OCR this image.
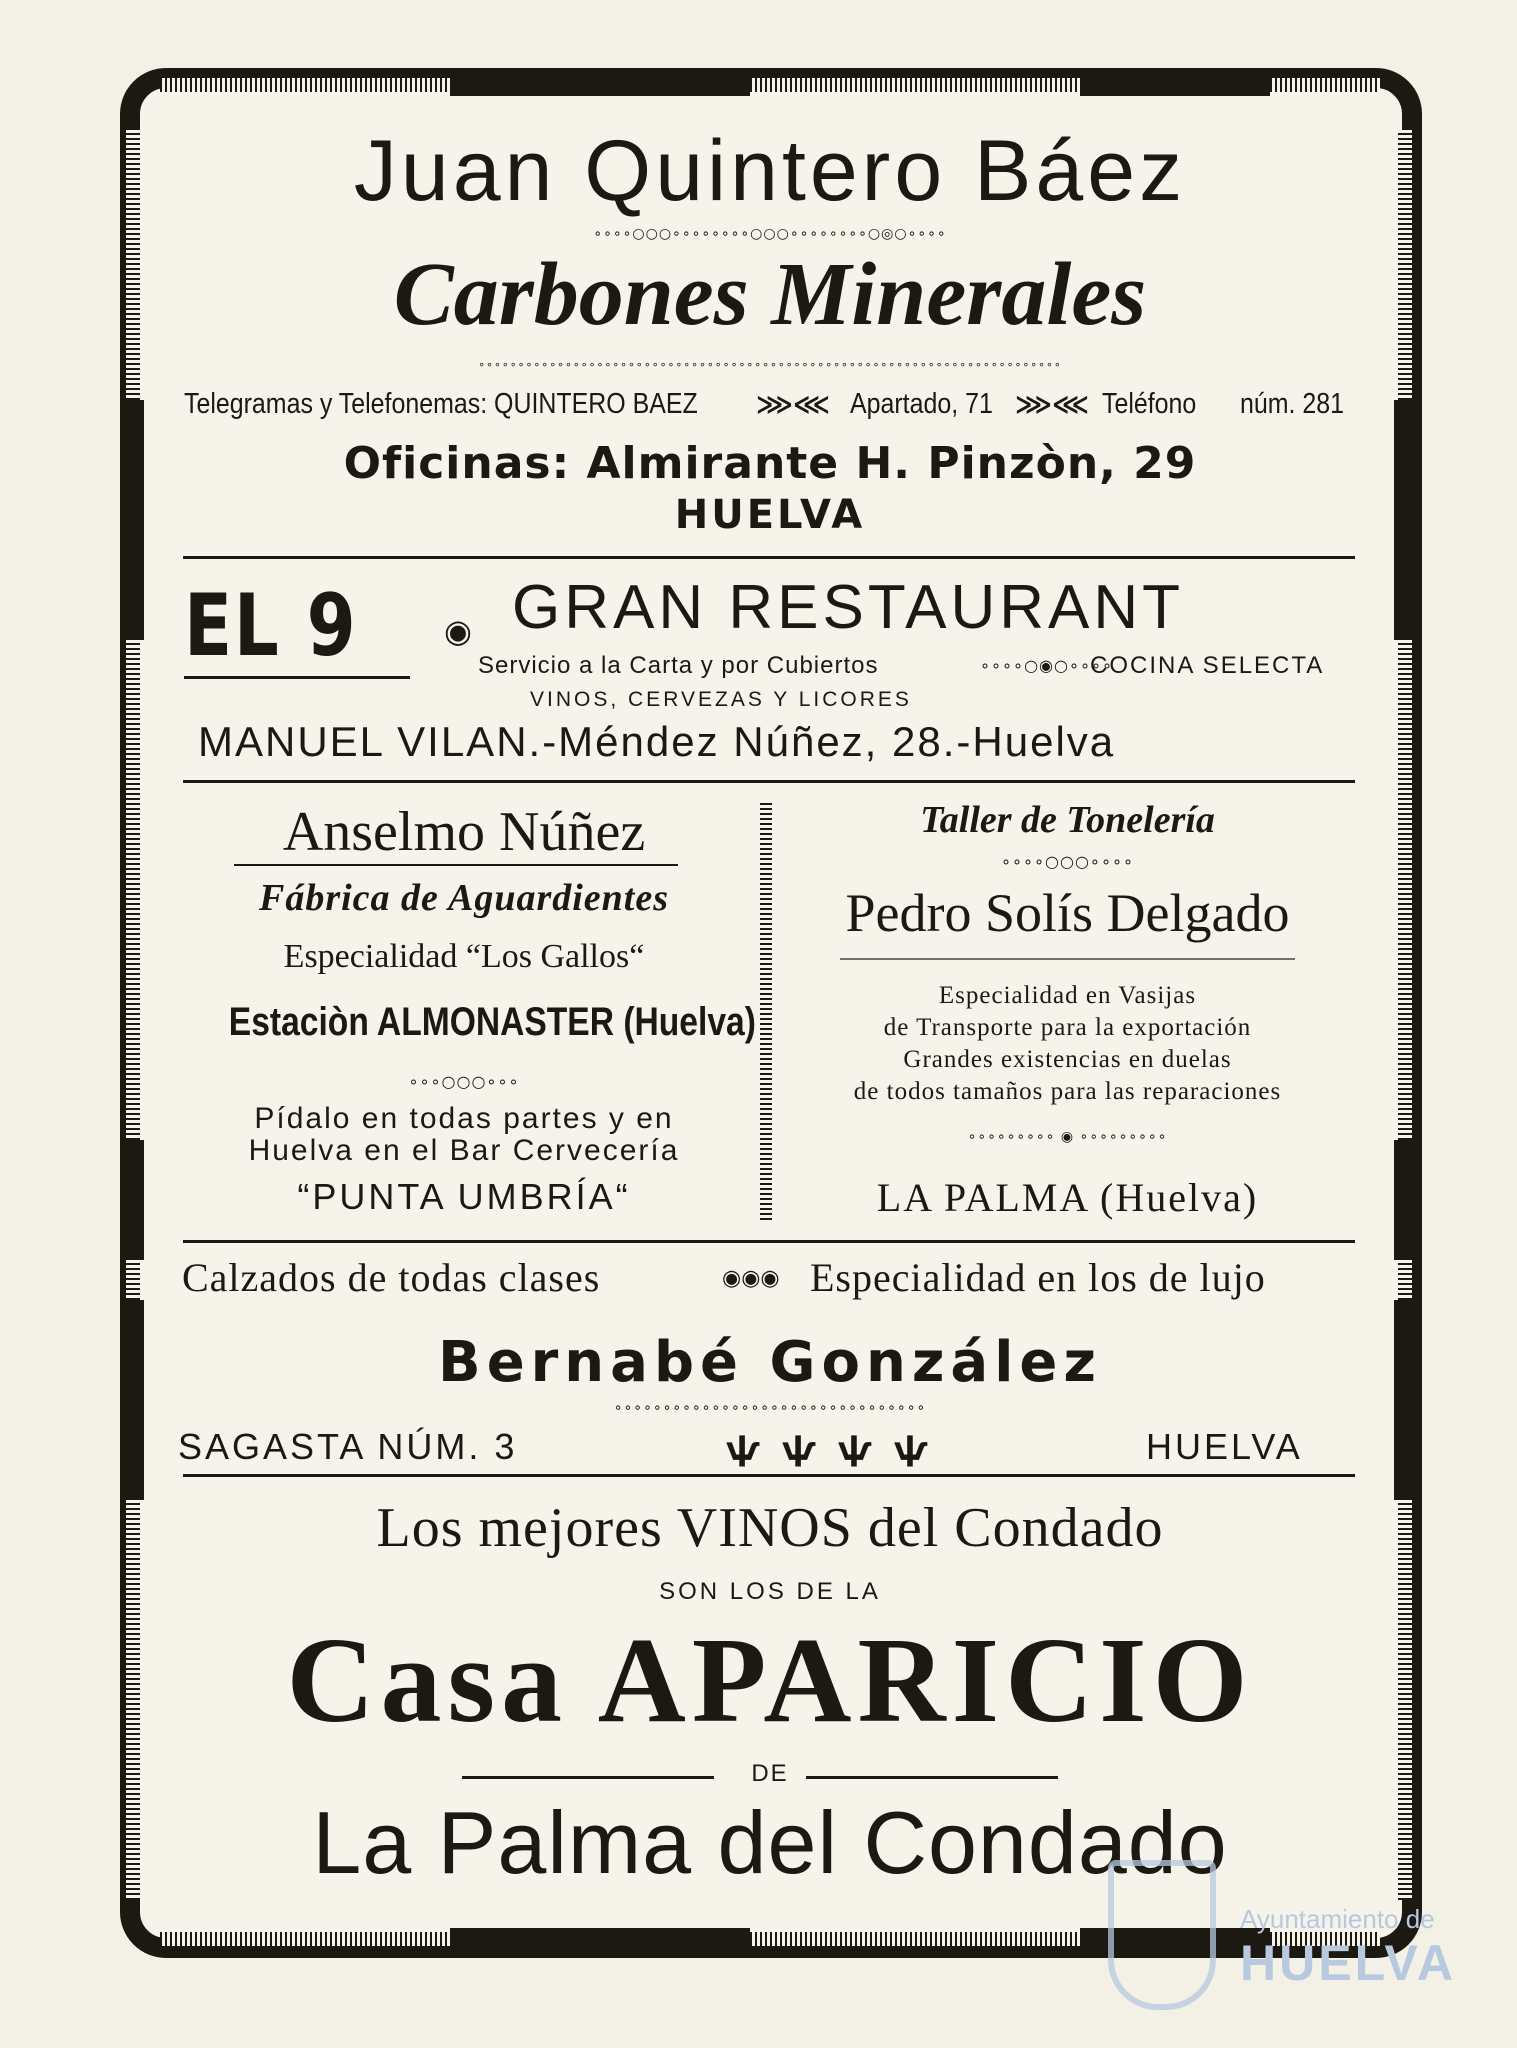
Juan Quintero Báez
∘∘∘∘○○○∘∘∘∘∘∘∘∘○○○∘∘∘∘∘∘∘∘○◎○∘∘∘∘
Carbones Minerales
∘∘∘∘∘∘∘∘∘∘∘∘∘∘∘∘∘∘∘∘∘∘∘∘∘∘∘∘∘∘∘∘∘∘∘∘∘∘∘∘∘∘∘∘∘∘∘∘∘∘∘∘∘∘∘∘∘∘∘∘∘∘∘∘∘∘∘∘∘∘∘∘∘∘
Telegramas y Telefonemas: QUINTERO BAEZ ⋙⋘ Apartado, 71 ⋙⋘ Teléfono núm. 281
Oficinas: Almirante H. Pinzòn, 29
HUELVA
EL 9	◉ GRAN RESTAURANT
Servicio a la Carta y por Cubiertos	∘∘∘∘○◉○∘∘∘∘
COCINA SELECTA
VINOS, CERVEZAS Y LICORES
MANUEL VILAN.-Méndez Núñez, 28.-Huelva
Anselmo Núñez
Fábrica de Aguardientes
Especialidad “Los Gallos“
Estaciòn ALMONASTER (Huelva)
∘∘∘○○○∘∘∘
Pídalo en todas partes y en
Huelva en el Bar Cervecería
“PUNTA UMBRÍA“
Taller de Tonelería
∘∘∘∘○○○∘∘∘∘
Pedro Solís Delgado
Especialidad en Vasijas
de Transporte para la exportación
Grandes existencias en duelas
de todos tamaños para las reparaciones
∘∘∘∘∘∘∘∘∘ ◉ ∘∘∘∘∘∘∘∘∘
LA PALMA (Huelva)
Calzados de todas clases	◉◉◉ Especialidad en los de lujo
Bernabé González
∘∘∘∘∘∘∘∘∘∘∘∘∘∘∘∘∘∘∘∘∘∘∘∘∘∘∘∘∘∘∘∘
SAGASTA NÚM. 3	ѱѱѱѱ	HUELVA
Los mejores VINOS del Condado
SON LOS DE LA
Casa APARICIO
DE
La Palma del Condado
Ayuntamiento de
HUELVA
